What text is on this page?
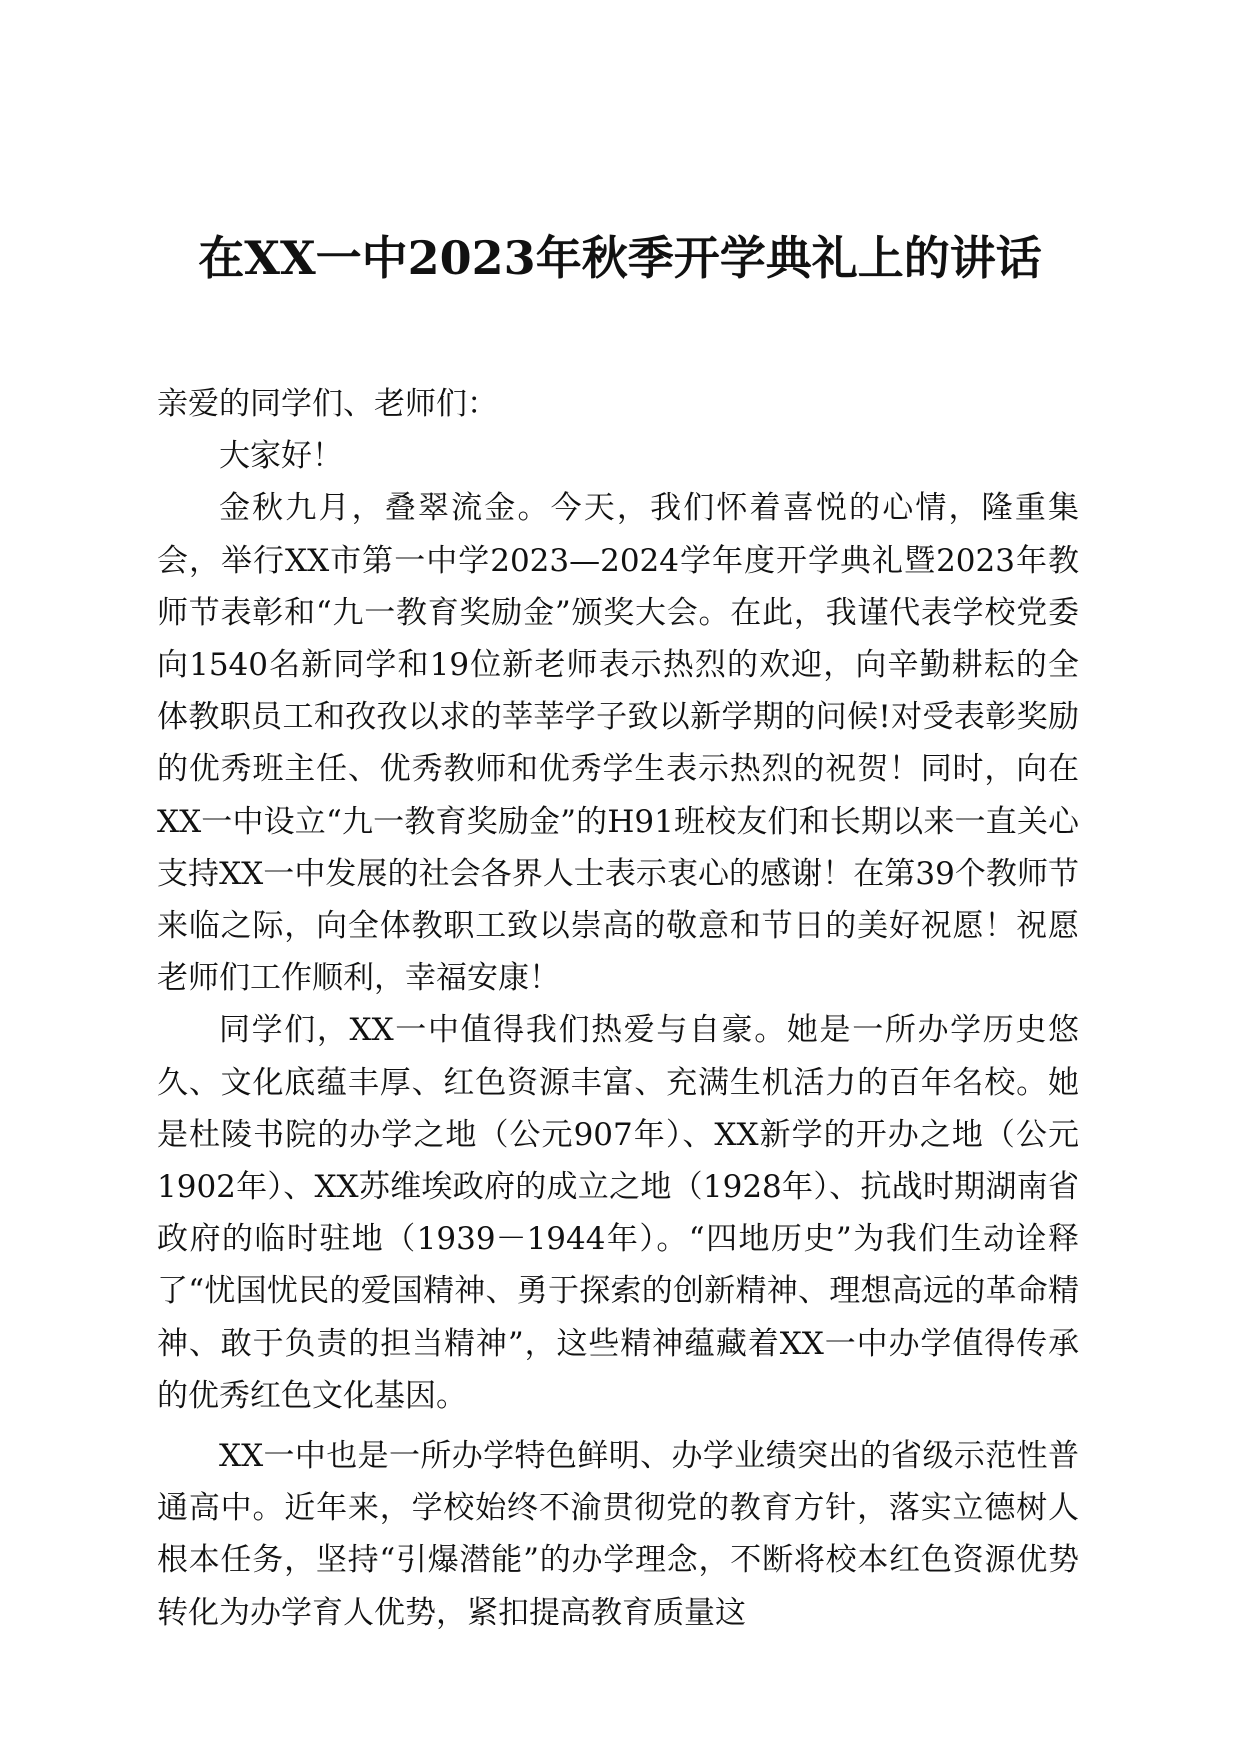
在XX一中2023年秋季开学典礼上的讲话

亲爱的同学们、老师们：

大家好！

金秋九月，叠翠流金。今天，我们怀着喜悦的心情，隆重集会，举行XX市第一中学2023—2024学年度开学典礼暨2023年教师节表彰和“九一教育奖励金”颁奖大会。在此，我谨代表学校党委向1540名新同学和19位新老师表示热烈的欢迎，向辛勤耕耘的全体教职员工和孜孜以求的莘莘学子致以新学期的问候!对受表彰奖励的优秀班主任、优秀教师和优秀学生表示热烈的祝贺！同时，向在XX一中设立“九一教育奖励金”的H91班校友们和长期以来一直关心支持XX一中发展的社会各界人士表示衷心的感谢！在第39个教师节来临之际，向全体教职工致以崇高的敬意和节日的美好祝愿！祝愿老师们工作顺利，幸福安康！

同学们，XX一中值得我们热爱与自豪。她是一所办学历史悠久、文化底蕴丰厚、红色资源丰富、充满生机活力的百年名校。她是杜陵书院的办学之地（公元907年）、XX新学的开办之地（公元1902年）、XX苏维埃政府的成立之地（1928年）、抗战时期湖南省政府的临时驻地（1939－1944年）。“四地历史”为我们生动诠释了“忧国忧民的爱国精神、勇于探索的创新精神、理想高远的革命精神、敢于负责的担当精神”，这些精神蕴藏着XX一中办学值得传承的优秀红色文化基因。

XX一中也是一所办学特色鲜明、办学业绩突出的省级示范性普通高中。近年来，学校始终不渝贯彻党的教育方针，落实立德树人根本任务，坚持“引爆潜能”的办学理念，不断将校本红色资源优势转化为办学育人优势，紧扣提高教育质量这
